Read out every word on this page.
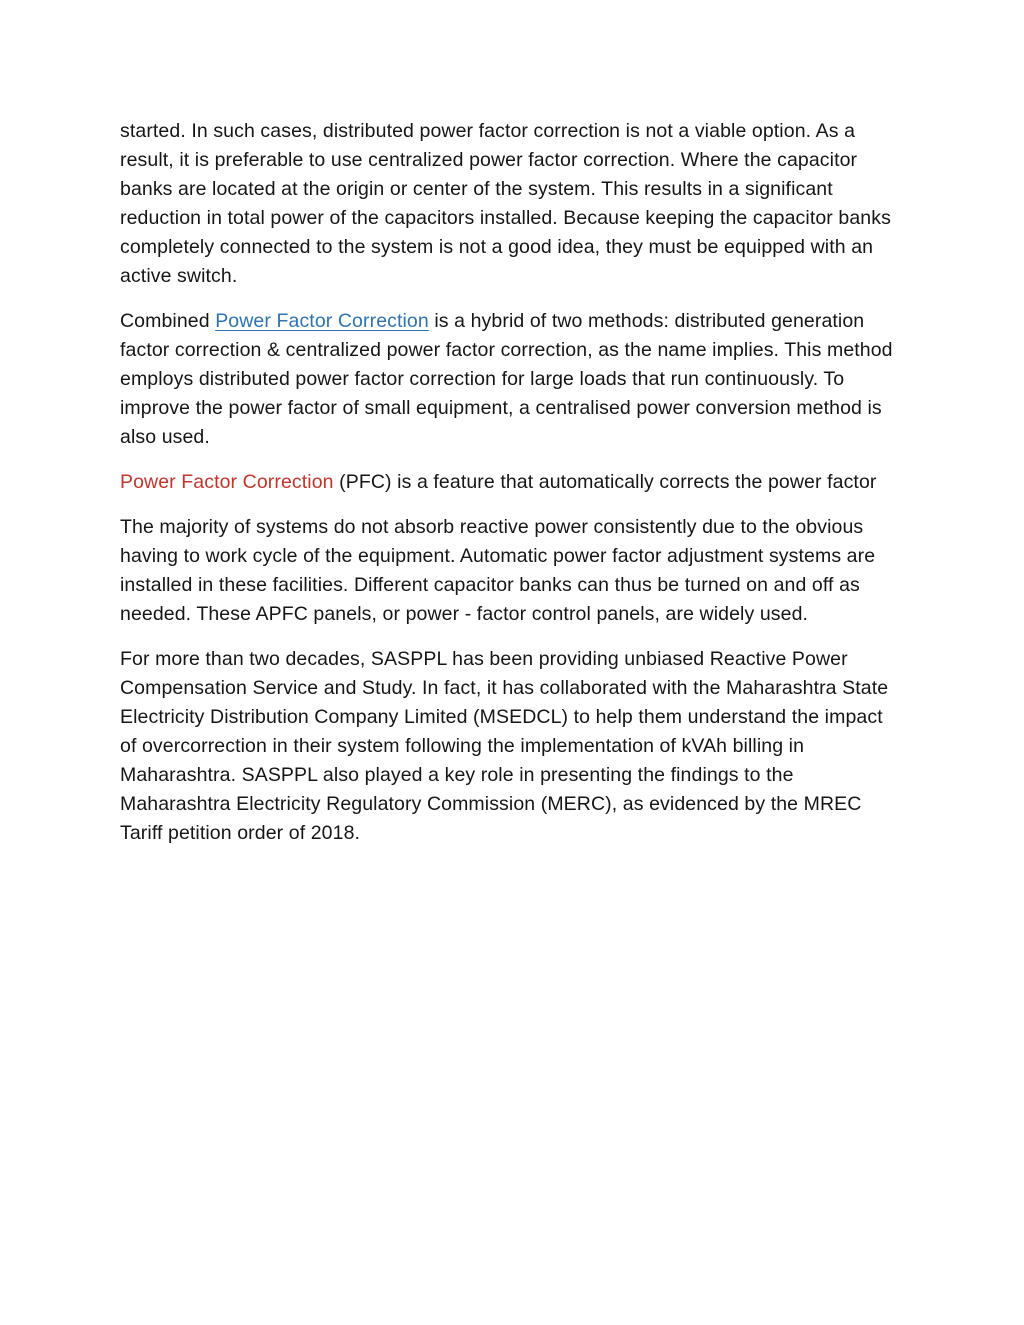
started. In such cases, distributed power factor correction is not a viable option. As a result, it is preferable to use centralized power factor correction. Where the capacitor banks are located at the origin or center of the system. This results in a significant reduction in total power of the capacitors installed. Because keeping the capacitor banks completely connected to the system is not a good idea, they must be equipped with an active switch.

Combined Power Factor Correction is a hybrid of two methods: distributed generation factor correction & centralized power factor correction, as the name implies. This method employs distributed power factor correction for large loads that run continuously. To improve the power factor of small equipment, a centralised power conversion method is also used.

Power Factor Correction (PFC) is a feature that automatically corrects the power factor

The majority of systems do not absorb reactive power consistently due to the obvious having to work cycle of the equipment. Automatic power factor adjustment systems are installed in these facilities. Different capacitor banks can thus be turned on and off as needed. These APFC panels, or power - factor control panels, are widely used.

For more than two decades, SASPPL has been providing unbiased Reactive Power Compensation Service and Study. In fact, it has collaborated with the Maharashtra State Electricity Distribution Company Limited (MSEDCL) to help them understand the impact of overcorrection in their system following the implementation of kVAh billing in Maharashtra. SASPPL also played a key role in presenting the findings to the Maharashtra Electricity Regulatory Commission (MERC), as evidenced by the MREC Tariff petition order of 2018.
